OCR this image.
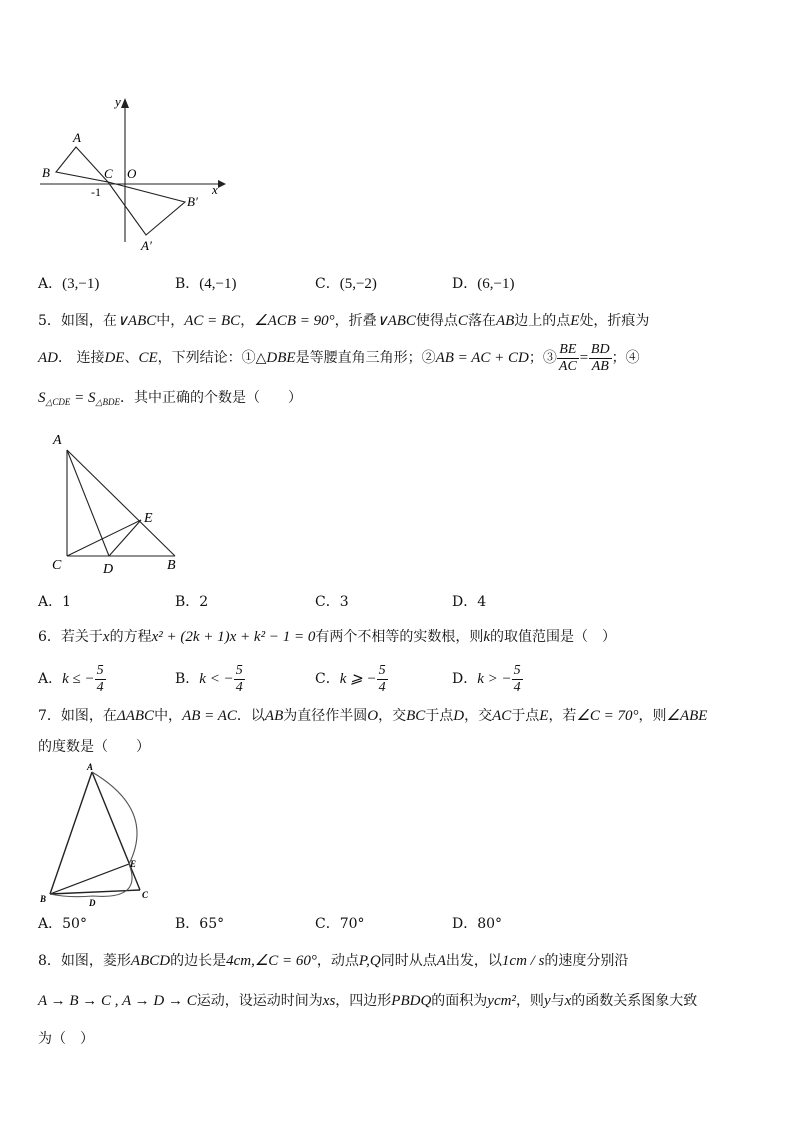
y
x
A
B	C O
-1
B′
A′
A．(3,−1)	B．(4,−1)	C．(5,−2)	D．(6,−1)
5．如图，在∨ABC中，AC = BC，∠ACB = 90°，折叠∨ABC使得点C落在AB边上的点E处，折痕为
AD． 连接DE、CE，下列结论：①△DBE是等腰直角三角形；②AB = AC + CD；③ $\frac{BE}{AC} = \frac{BD}{AB}$ ；④
$S_{\triangle CDE} = S_{\triangle BDE}$．其中正确的个数是（　　）
A
E
C	D	B
A．1	B．2	C．3	D．4
6．若关于x的方程x² + (2k + 1)x + k² − 1 = 0有两个不相等的实数根，则k的取值范围是（　）
A．k ≤ − $\frac{5}{4}$	B．k < − $\frac{5}{4}$	C．k ⩾ − $\frac{5}{4}$	D．k > − $\frac{5}{4}$
7．如图，在ΔABC中，AB = AC．以AB为直径作半圆O，交BC于点D，交AC于点E，若∠C = 70°，则∠ABE
的度数是（　　）
A
B	C
D
E
A．50°	B．65°	C．70°	D．80°
8．如图，菱形ABCD的边长是4cm,∠C = 60°，动点P,Q同时从点A出发，以1cm / s的速度分别沿
A → B → C , A → D → C运动，设运动时间为xs，四边形PBDQ的面积为ycm²，则y与x的函数关系图象大致
为（　）
